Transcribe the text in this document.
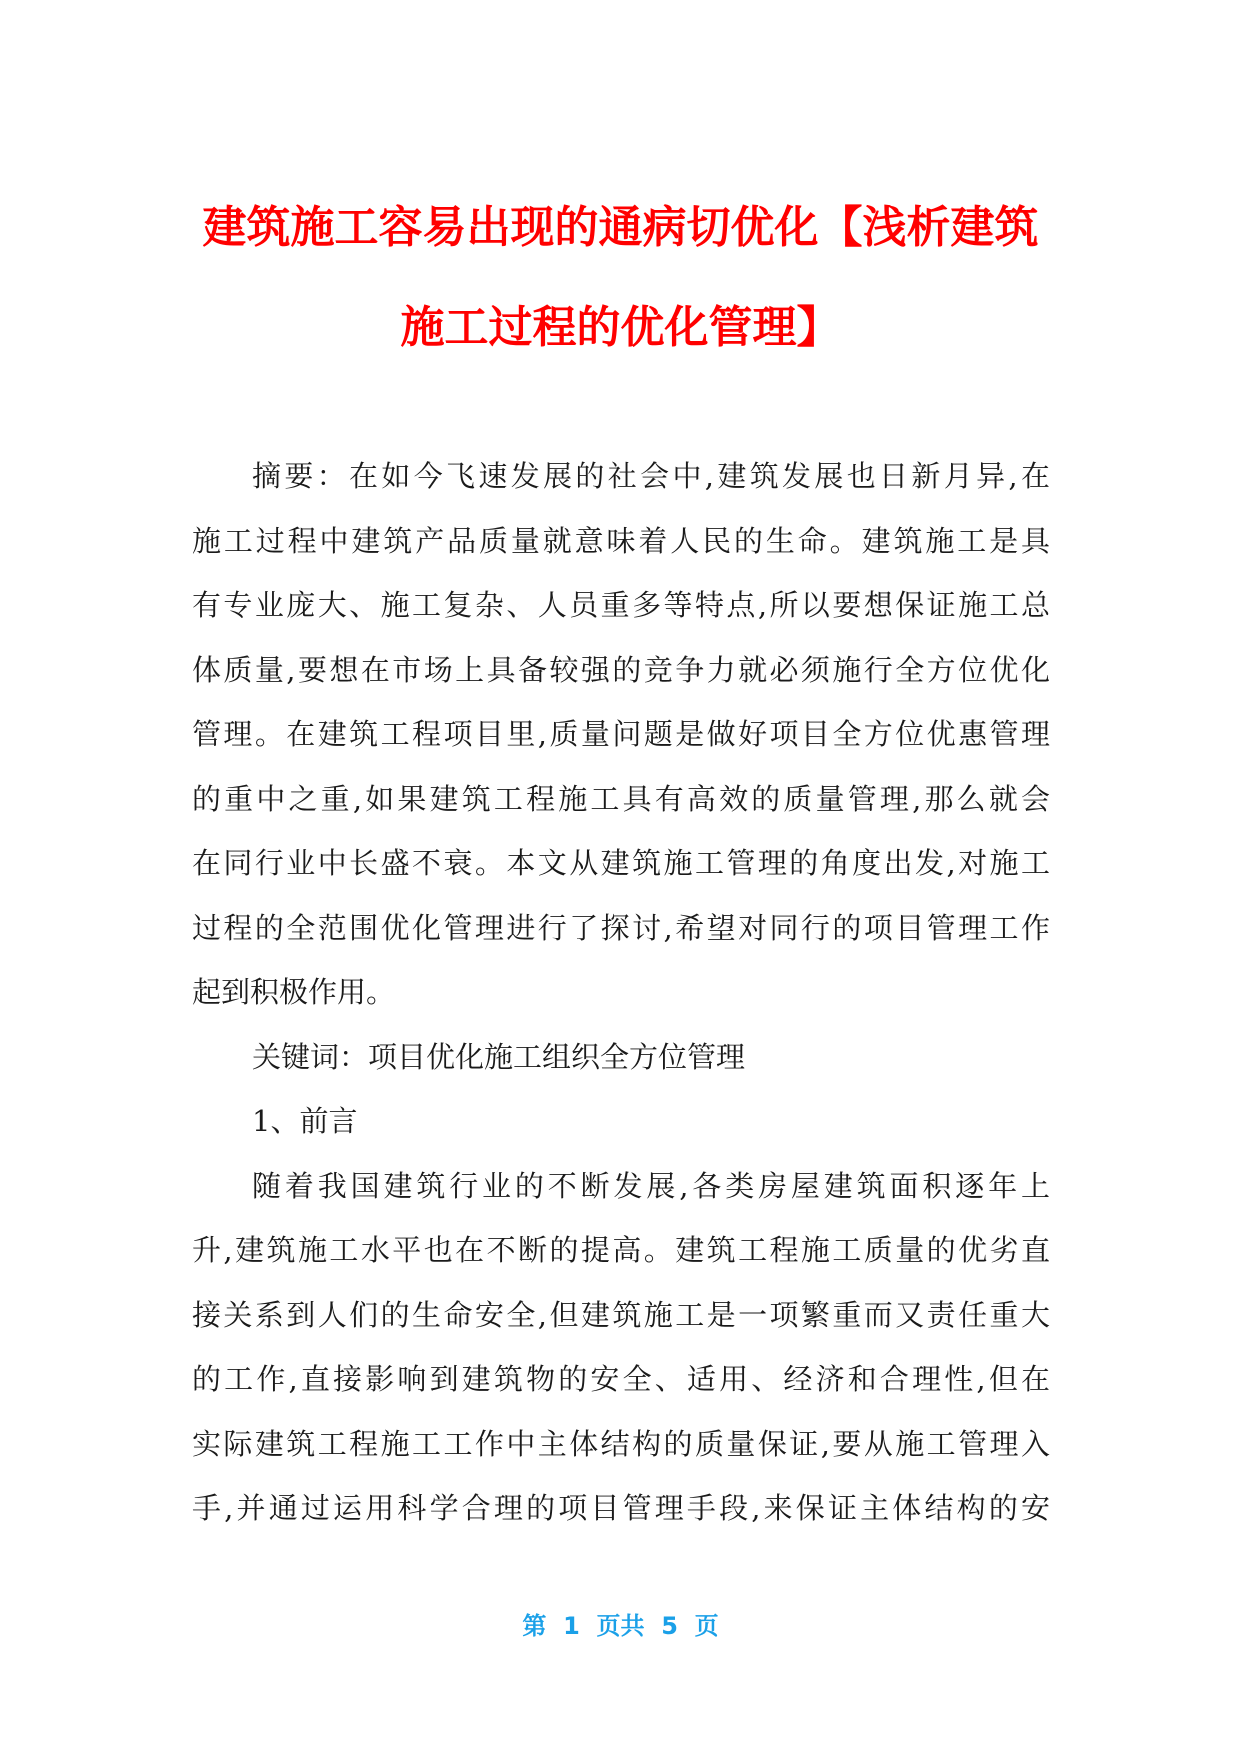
建筑施工容易出现的通病切优化【浅析建筑
施工过程的优化管理】
摘要：在如今飞速发展的社会中,建筑发展也日新月异,在
施工过程中建筑产品质量就意味着人民的生命。建筑施工是具
有专业庞大、施工复杂、人员重多等特点,所以要想保证施工总
体质量,要想在市场上具备较强的竞争力就必须施行全方位优化
管理。在建筑工程项目里,质量问题是做好项目全方位优惠管理
的重中之重,如果建筑工程施工具有高效的质量管理,那么就会
在同行业中长盛不衰。本文从建筑施工管理的角度出发,对施工
过程的全范围优化管理进行了探讨,希望对同行的项目管理工作
起到积极作用。
关键词：项目优化施工组织全方位管理
1、前言
随着我国建筑行业的不断发展,各类房屋建筑面积逐年上
升,建筑施工水平也在不断的提高。建筑工程施工质量的优劣直
接关系到人们的生命安全,但建筑施工是一项繁重而又责任重大
的工作,直接影响到建筑物的安全、适用、经济和合理性,但在
实际建筑工程施工工作中主体结构的质量保证,要从施工管理入
手,并通过运用科学合理的项目管理手段,来保证主体结构的安
第  1  页共  5  页
